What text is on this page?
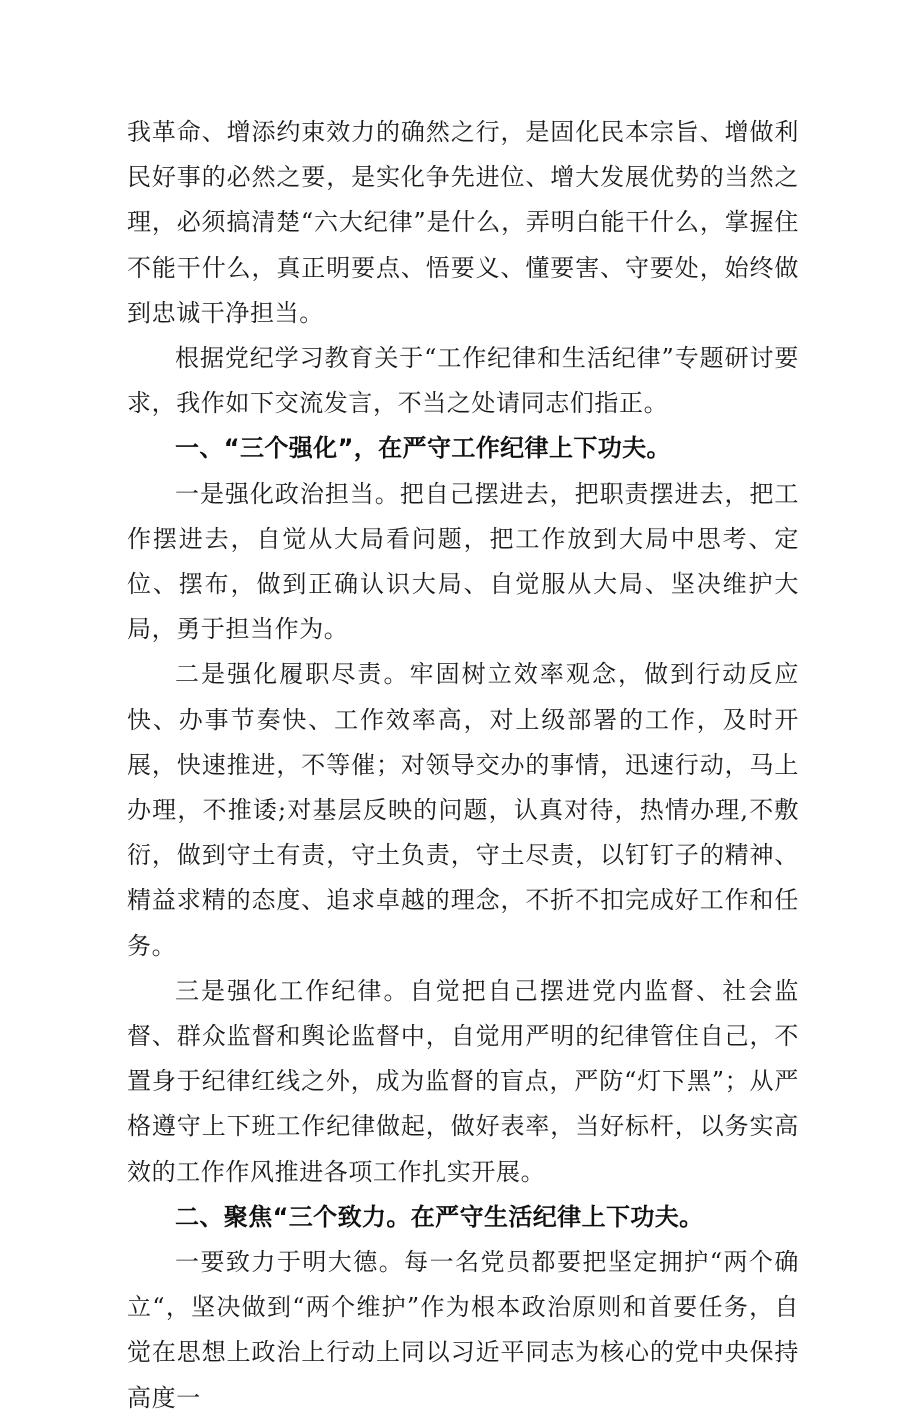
我革命、增添约束效力的确然之行，是固化民本宗旨、增做利民好事的必然之要，是实化争先进位、增大发展优势的当然之理，必须搞清楚“六大纪律”是什么，弄明白能干什么，掌握住不能干什么，真正明要点、悟要义、懂要害、守要处，始终做到忠诚干净担当。

根据党纪学习教育关于“工作纪律和生活纪律”专题研讨要求，我作如下交流发言，不当之处请同志们指正。

一、“三个强化”，在严守工作纪律上下功夫。

一是强化政治担当。把自己摆进去，把职责摆进去，把工作摆进去，自觉从大局看问题，把工作放到大局中思考、定位、摆布，做到正确认识大局、自觉服从大局、坚决维护大局，勇于担当作为。

二是强化履职尽责。牢固树立效率观念，做到行动反应快、办事节奏快、工作效率高，对上级部署的工作，及时开展，快速推进，不等催；对领导交办的事情，迅速行动，马上办理，不推诿;对基层反映的问题，认真对待，热情办理,不敷衍，做到守土有责，守土负责，守土尽责，以钉钉子的精神、精益求精的态度、追求卓越的理念，不折不扣完成好工作和任务。

三是强化工作纪律。自觉把自己摆进党内监督、社会监督、群众监督和舆论监督中，自觉用严明的纪律管住自己，不置身于纪律红线之外，成为监督的盲点，严防“灯下黑”；从严格遵守上下班工作纪律做起，做好表率，当好标杆，以务实高效的工作作风推进各项工作扎实开展。

二、聚焦“三个致力。在严守生活纪律上下功夫。

一要致力于明大德。每一名党员都要把坚定拥护“两个确立“，坚决做到“两个维护”作为根本政治原则和首要任务，自觉在思想上政治上行动上同以习近平同志为核心的党中央保持高度一
